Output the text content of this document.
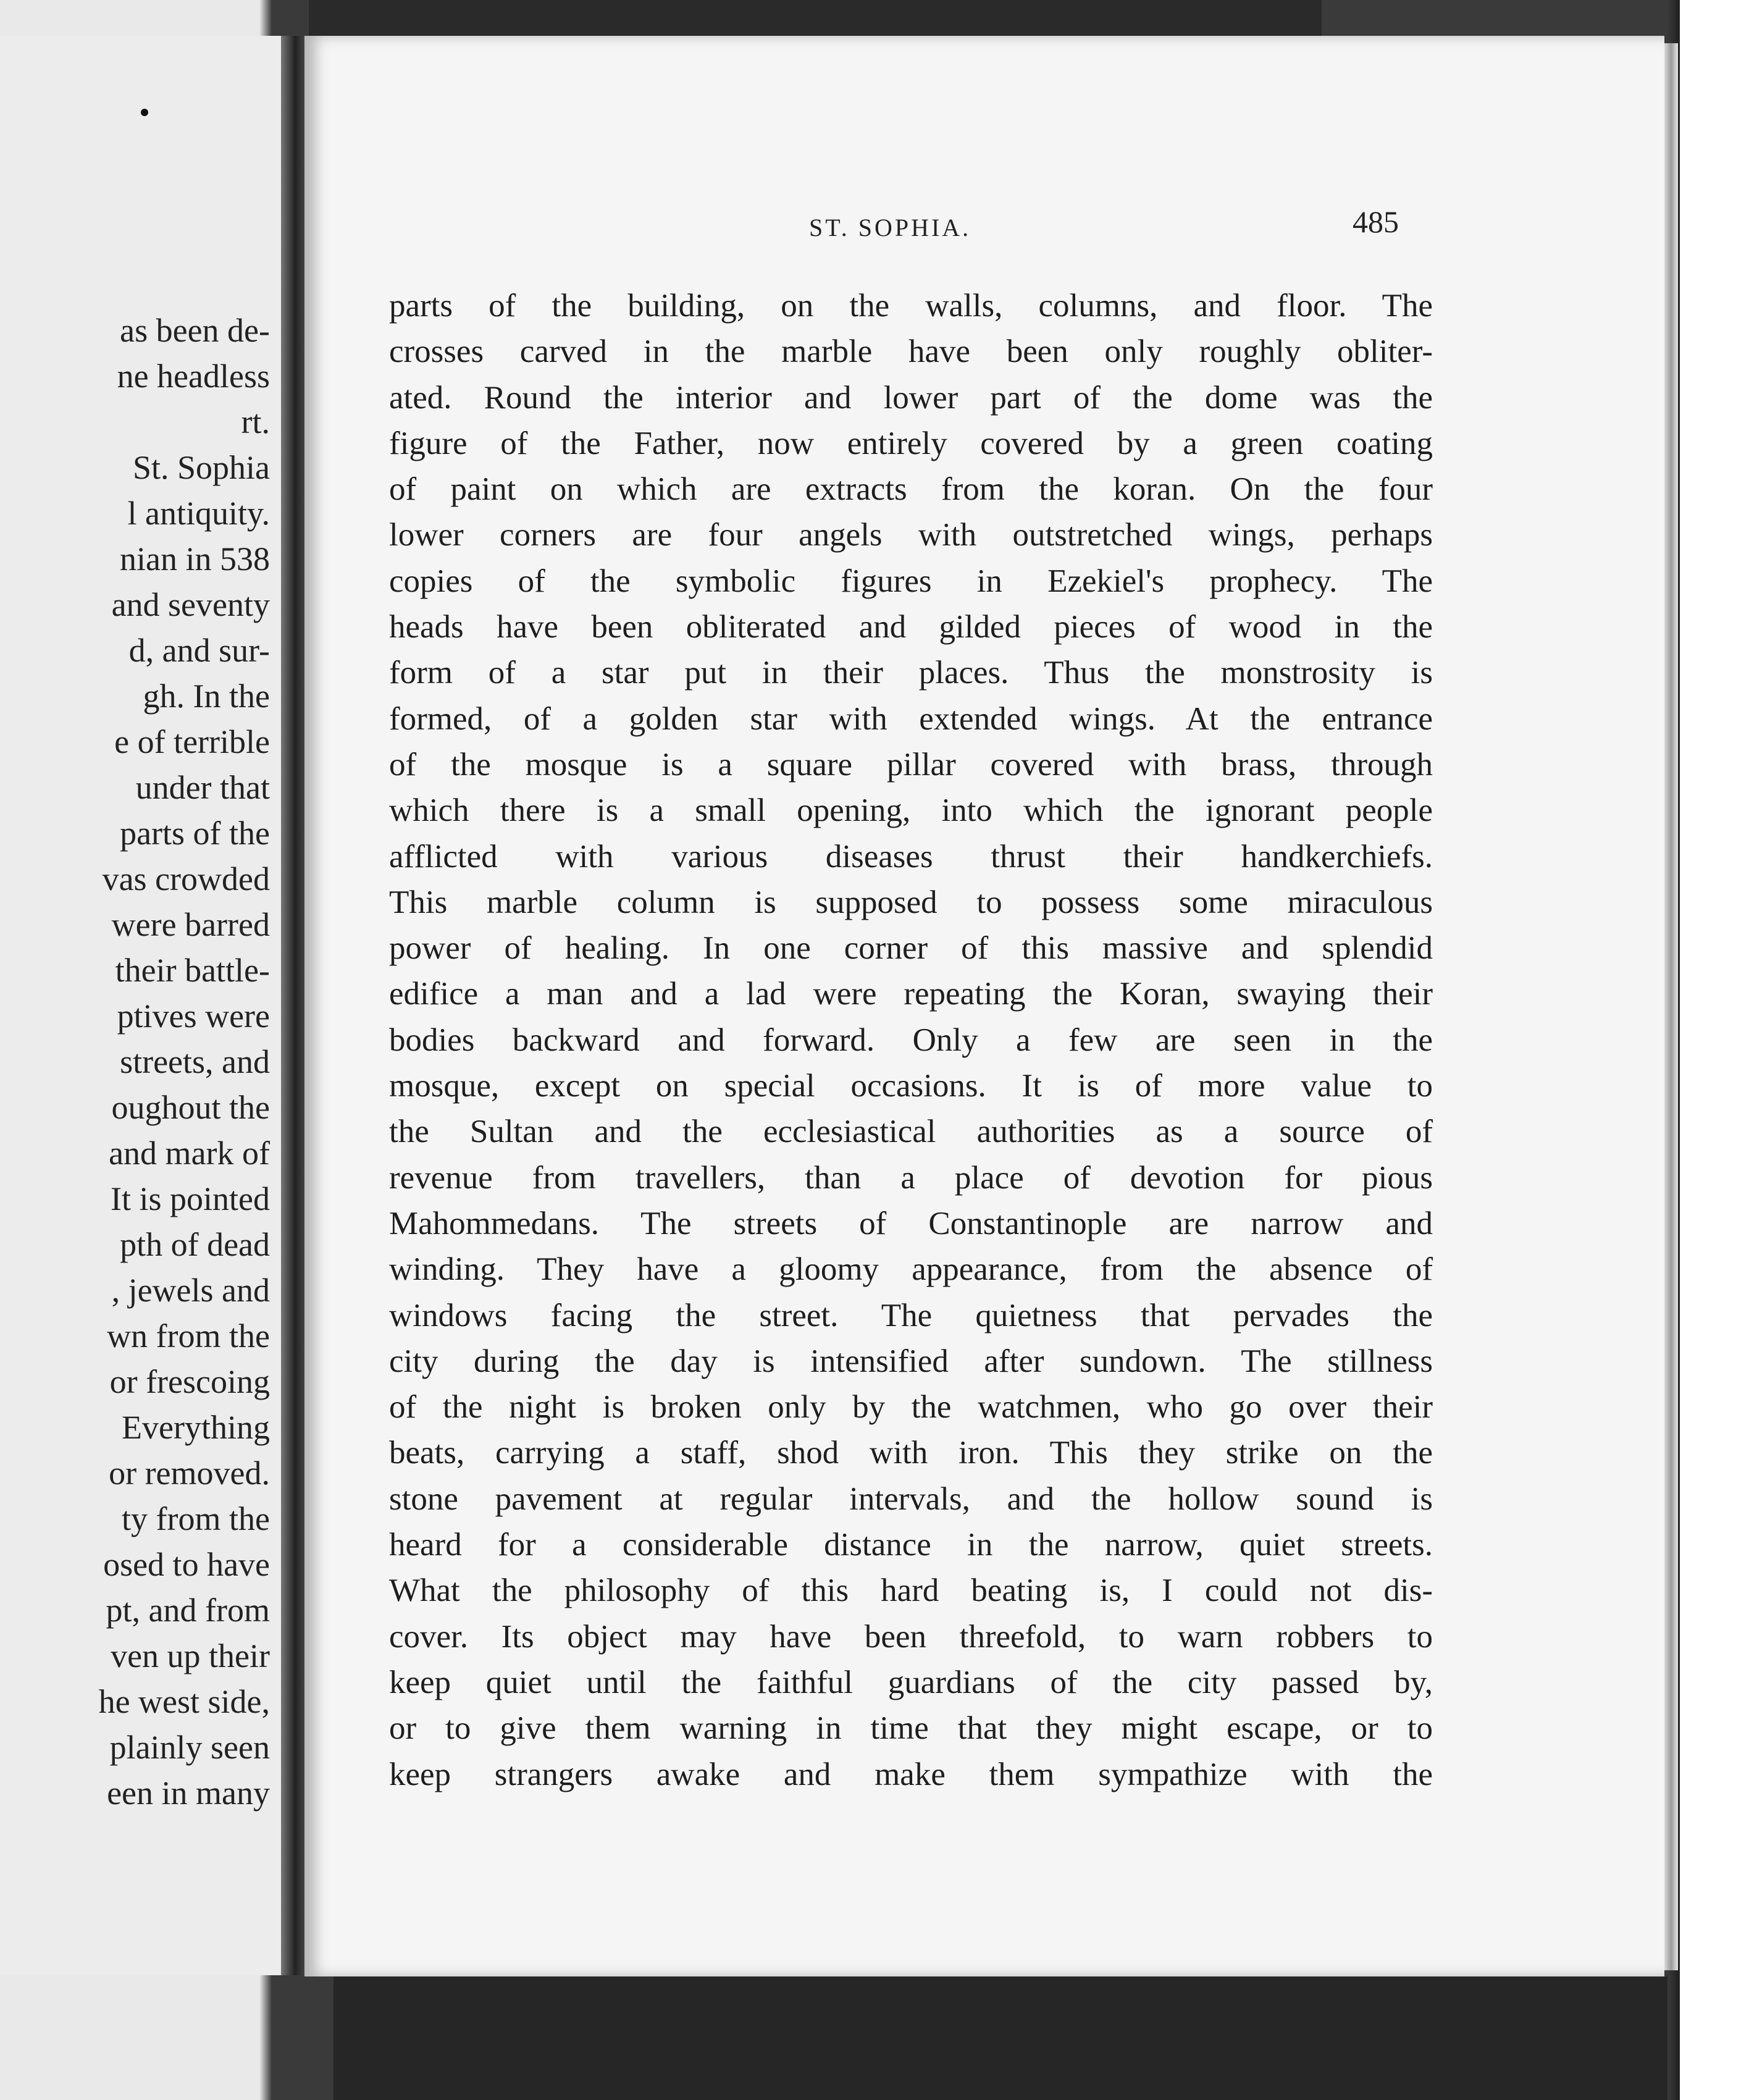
as been de-
ne headless
rt.
St. Sophia
l antiquity.
nian in 538
and seventy
d, and sur-
gh. In the
e of terrible
under that
parts of the
vas crowded
were barred
their battle-
ptives were
streets, and
oughout the
and mark of
It is pointed
pth of dead
, jewels and
wn from the
or frescoing
Everything
or removed.
ty from the
osed to have
pt, and from
ven up their
he west side,
plainly seen
een in many
ST. SOPHIA.	485
parts of the building, on the walls, columns, and floor. The
crosses carved in the marble have been only roughly obliter-
ated. Round the interior and lower part of the dome was the
figure of the Father, now entirely covered by a green coating
of paint on which are extracts from the koran. On the four
lower corners are four angels with outstretched wings, perhaps
copies of the symbolic figures in Ezekiel's prophecy. The
heads have been obliterated and gilded pieces of wood in the
form of a star put in their places. Thus the monstrosity is
formed, of a golden star with extended wings. At the entrance
of the mosque is a square pillar covered with brass, through
which there is a small opening, into which the ignorant people
afflicted with various diseases thrust their handkerchiefs.
This marble column is supposed to possess some miraculous
power of healing. In one corner of this massive and splendid
edifice a man and a lad were repeating the Koran, swaying their
bodies backward and forward. Only a few are seen in the
mosque, except on special occasions. It is of more value to
the Sultan and the ecclesiastical authorities as a source of
revenue from travellers, than a place of devotion for pious
Mahommedans. The streets of Constantinople are narrow and
winding. They have a gloomy appearance, from the absence of
windows facing the street. The quietness that pervades the
city during the day is intensified after sundown. The stillness
of the night is broken only by the watchmen, who go over their
beats, carrying a staff, shod with iron. This they strike on the
stone pavement at regular intervals, and the hollow sound is
heard for a considerable distance in the narrow, quiet streets.
What the philosophy of this hard beating is, I could not dis-
cover. Its object may have been threefold, to warn robbers to
keep quiet until the faithful guardians of the city passed by,
or to give them warning in time that they might escape, or to
keep strangers awake and make them sympathize with the
